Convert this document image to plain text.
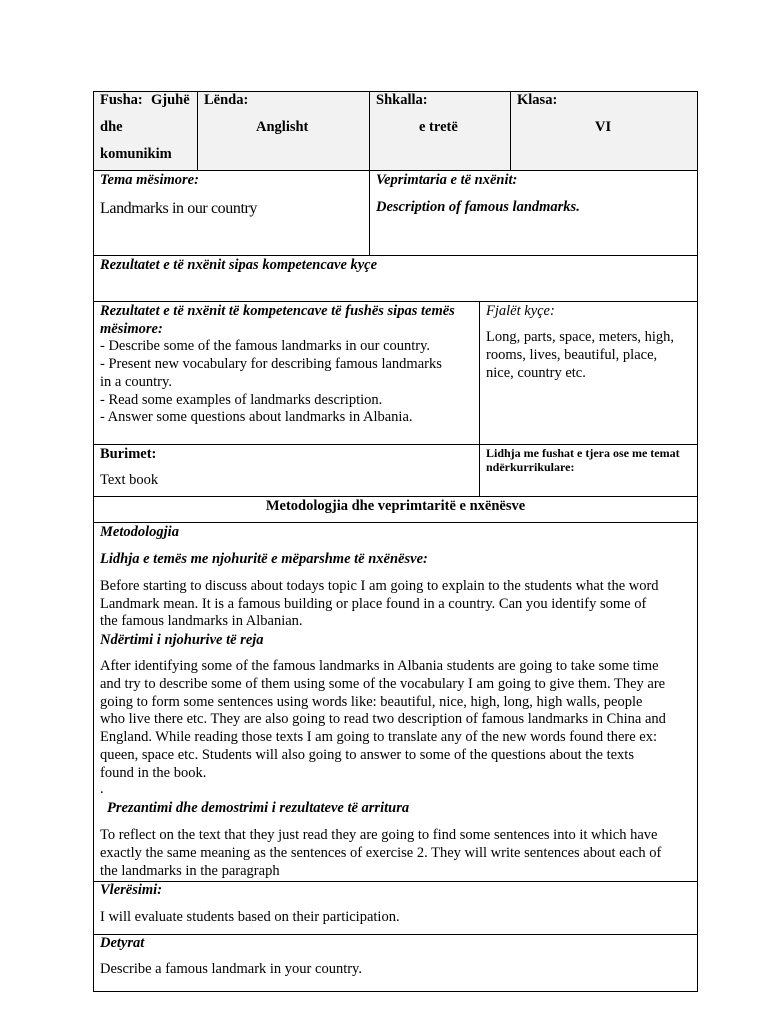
Fusha: Gjuhë
dhe
komunikim
Lënda:
Anglisht
Shkalla:
e tretë
Klasa:
VI
Tema mësimore:
Landmarks in our country
Veprimtaria e të nxënit:
Description of famous landmarks.
Rezultatet e të nxënit sipas kompetencave kyçe
Rezultatet e të nxënit të kompetencave të fushës sipas temës
mësimore:
- Describe some of the famous landmarks in our country.
- Present new vocabulary for describing famous landmarks
in a country.
- Read some examples of landmarks description.
- Answer some questions about landmarks in Albania.
Fjalët kyçe:
Long, parts, space, meters, high,
rooms, lives, beautiful, place,
nice, country etc.
Burimet:
Text book
Lidhja me fushat e tjera ose me temat
ndërkurrikulare:
Metodologjia dhe veprimtaritë e nxënësve
Metodologjia
Lidhja e temës me njohuritë e mëparshme të nxënësve:
Before starting to discuss about todays topic I am going to explain to the students what the word
Landmark mean. It is a famous building or place found in a country. Can you identify some of
the famous landmarks in Albanian.
Ndërtimi i njohurive të reja
After identifying some of the famous landmarks in Albania students are going to take some time
and try to describe some of them using some of the vocabulary I am going to give them. They are
going to form some sentences using words like: beautiful, nice, high, long, high walls, people
who live there etc. They are also going to read two description of famous landmarks in China and
England. While reading those texts I am going to translate any of the new words found there ex:
queen, space etc. Students will also going to answer to some of the questions about the texts
found in the book.
.
Prezantimi dhe demostrimi i rezultateve të arritura
To reflect on the text that they just read they are going to find some sentences into it which have
exactly the same meaning as the sentences of exercise 2. They will write sentences about each of
the landmarks in the paragraph
Vlerësimi:
I will evaluate students based on their participation.
Detyrat
Describe a famous landmark in your country.
